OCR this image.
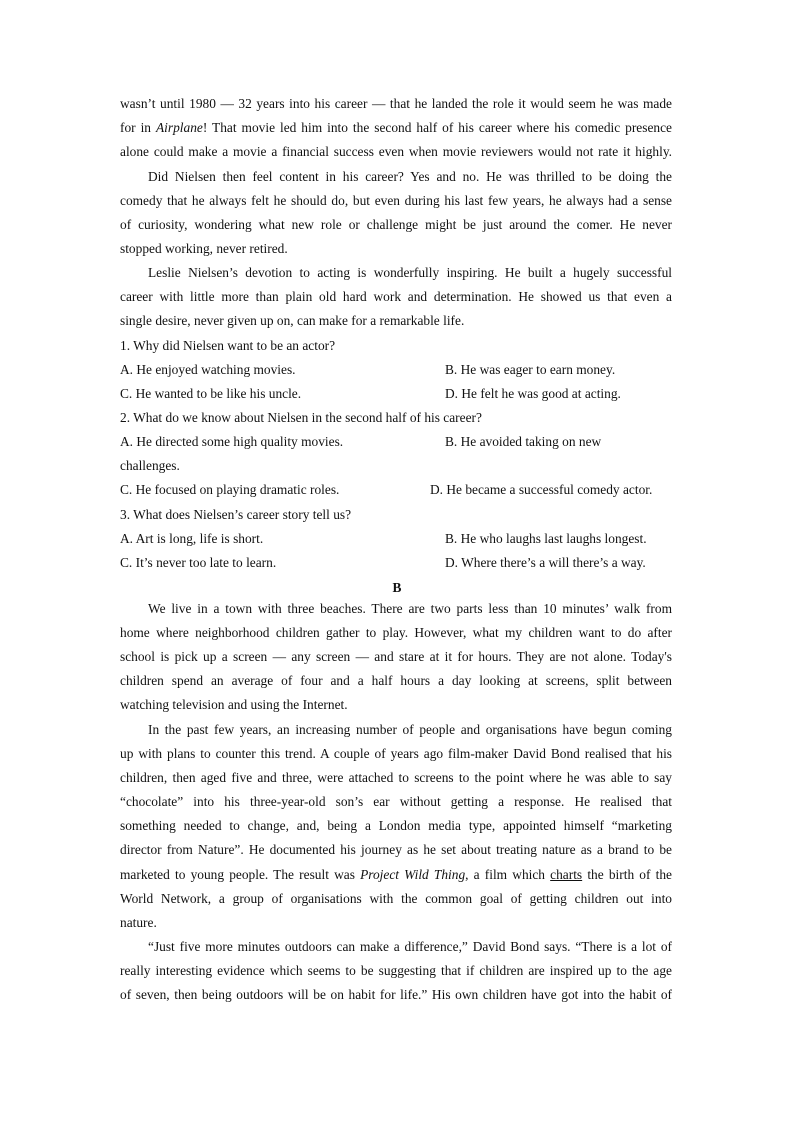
wasn’t until 1980 — 32 years into his career — that he landed the role it would seem he was made
for in Airplane! That movie led him into the second half of his career where his comedic presence
alone could make a movie a financial success even when movie reviewers would not rate it highly.
Did Nielsen then feel content in his career? Yes and no. He was thrilled to be doing the
comedy that he always felt he should do, but even during his last few years, he always had a sense
of curiosity, wondering what new role or challenge might be just around the comer. He never
stopped working, never retired.
Leslie Nielsen’s devotion to acting is wonderfully inspiring. He built a hugely successful
career with little more than plain old hard work and determination. He showed us that even a
single desire, never given up on, can make for a remarkable life.
1. Why did Nielsen want to be an actor?
A. He enjoyed watching movies.	B. He was eager to earn money.
C. He wanted to be like his uncle.	D. He felt he was good at acting.
2. What do we know about Nielsen in the second half of his career?
A. He directed some high quality movies.	B. He avoided taking on new
challenges.
C. He focused on playing dramatic roles.	D. He became a successful comedy actor.
3. What does Nielsen’s career story tell us?
A. Art is long, life is short.	B. He who laughs last laughs longest.
C. It’s never too late to learn.	D. Where there’s a will there’s a way.
B
We live in a town with three beaches. There are two parts less than 10 minutes’ walk from
home where neighborhood children gather to play. However, what my children want to do after
school is pick up a screen — any screen — and stare at it for hours. They are not alone. Today's
children spend an average of four and a half hours a day looking at screens, split between
watching television and using the Internet.
In the past few years, an increasing number of people and organisations have begun coming
up with plans to counter this trend. A couple of years ago film-maker David Bond realised that his
children, then aged five and three, were attached to screens to the point where he was able to say
“chocolate” into his three-year-old son’s ear without getting a response. He realised that
something needed to change, and, being a London media type, appointed himself “marketing
director from Nature”. He documented his journey as he set about treating nature as a brand to be
marketed to young people. The result was Project Wild Thing, a film which charts the birth of the
World Network, a group of organisations with the common goal of getting children out into
nature.
“Just five more minutes outdoors can make a difference,” David Bond says. “There is a lot of
really interesting evidence which seems to be suggesting that if children are inspired up to the age
of seven, then being outdoors will be on habit for life.” His own children have got into the habit of
